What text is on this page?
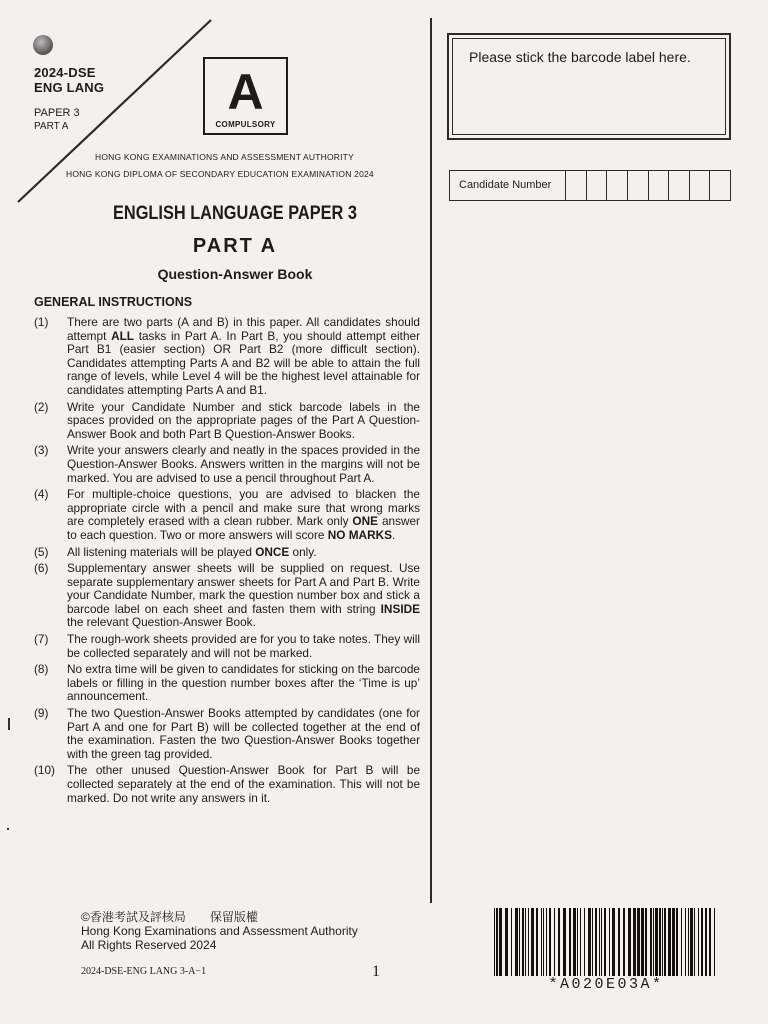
2024-DSE
ENG LANG
PAPER 3
PART A
A
COMPULSORY
HONG KONG EXAMINATIONS AND ASSESSMENT AUTHORITY
HONG KONG DIPLOMA OF SECONDARY EDUCATION EXAMINATION 2024
ENGLISH LANGUAGE PAPER 3
PART A
Question-Answer Book
GENERAL INSTRUCTIONS
(1) There are two parts (A and B) in this paper. All candidates should attempt ALL tasks in Part A. In Part B, you should attempt either Part B1 (easier section) OR Part B2 (more difficult section). Candidates attempting Parts A and B2 will be able to attain the full range of levels, while Level 4 will be the highest level attainable for candidates attempting Parts A and B1.
(2) Write your Candidate Number and stick barcode labels in the spaces provided on the appropriate pages of the Part A Question-Answer Book and both Part B Question-Answer Books.
(3) Write your answers clearly and neatly in the spaces provided in the Question-Answer Books. Answers written in the margins will not be marked. You are advised to use a pencil throughout Part A.
(4) For multiple-choice questions, you are advised to blacken the appropriate circle with a pencil and make sure that wrong marks are completely erased with a clean rubber. Mark only ONE answer to each question. Two or more answers will score NO MARKS.
(5) All listening materials will be played ONCE only.
(6) Supplementary answer sheets will be supplied on request. Use separate supplementary answer sheets for Part A and Part B. Write your Candidate Number, mark the question number box and stick a barcode label on each sheet and fasten them with string INSIDE the relevant Question-Answer Book.
(7) The rough-work sheets provided are for you to take notes. They will be collected separately and will not be marked.
(8) No extra time will be given to candidates for sticking on the barcode labels or filling in the question number boxes after the ‘Time is up’ announcement.
(9) The two Question-Answer Books attempted by candidates (one for Part A and one for Part B) will be collected together at the end of the examination. Fasten the two Question-Answer Books together with the green tag provided.
(10) The other unused Question-Answer Book for Part B will be collected separately at the end of the examination. This will not be marked. Do not write any answers in it.
Please stick the barcode label here.
Candidate Number
©香港考試及評核局　　保留版權
Hong Kong Examinations and Assessment Authority
All Rights Reserved 2024
2024-DSE-ENG LANG 3-A−1	1
*A020E03A*
